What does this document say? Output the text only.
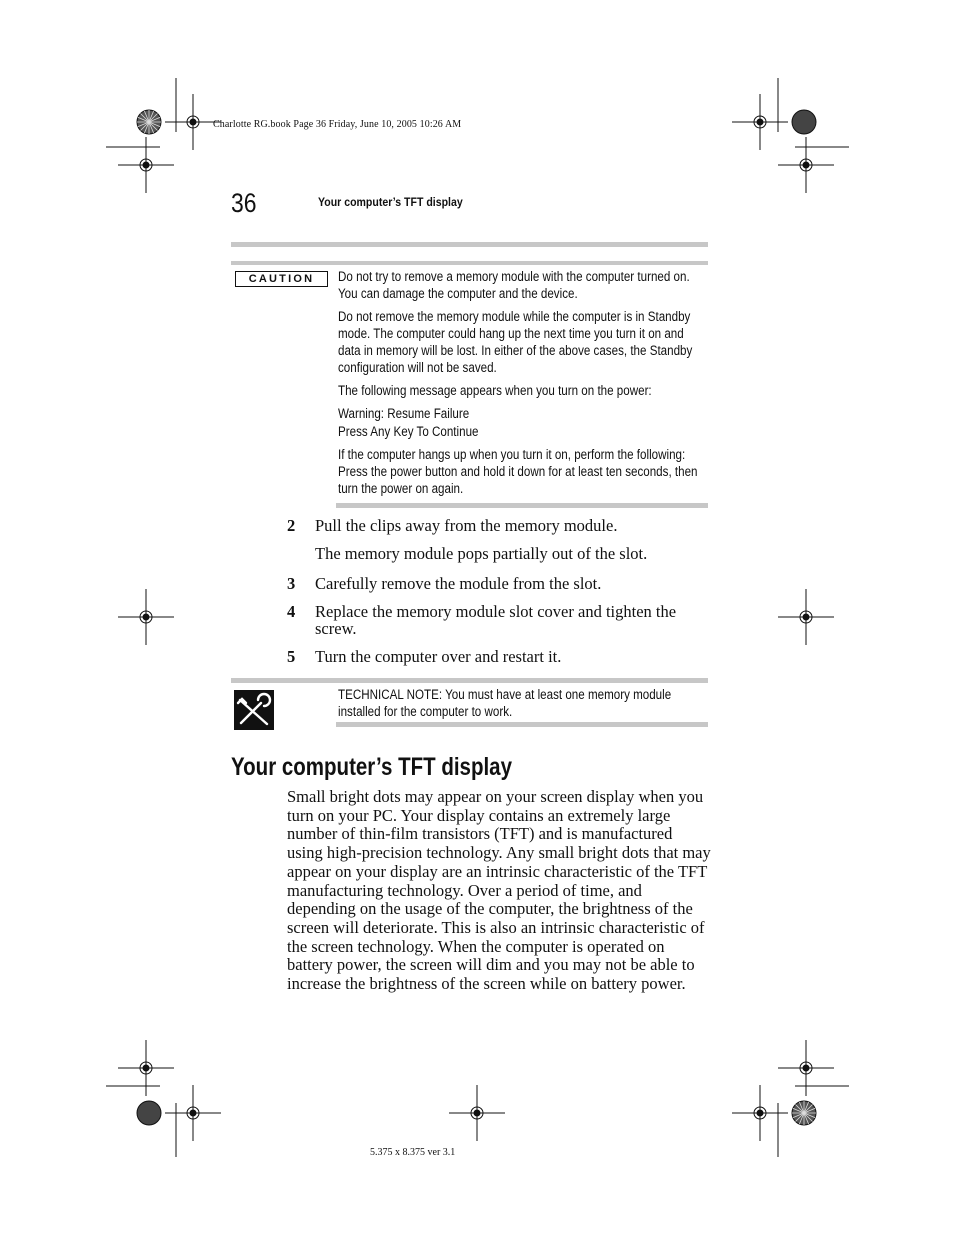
Charlotte RG.book Page 36 Friday, June 10, 2005 10:26 AM
36	Your computer’s TFT display
CAUTION	Do not try to remove a memory module with the computer turned on. You can damage the computer and the device.

Do not remove the memory module while the computer is in Standby mode. The computer could hang up the next time you turn it on and data in memory will be lost. In either of the above cases, the Standby configuration will not be saved.

The following message appears when you turn on the power:

Warning: Resume Failure

Press Any Key To Continue

If the computer hangs up when you turn it on, perform the following: Press the power button and hold it down for at least ten seconds, then turn the power on again.

2 Pull the clips away from the memory module.
The memory module pops partially out of the slot.
3 Carefully remove the module from the slot.
4 Replace the memory module slot cover and tighten the screw.
5 Turn the computer over and restart it.
TECHNICAL NOTE: You must have at least one memory module installed for the computer to work.
Your computer’s TFT display
Small bright dots may appear on your screen display when you turn on your PC. Your display contains an extremely large number of thin-film transistors (TFT) and is manufactured using high-precision technology. Any small bright dots that may appear on your display are an intrinsic characteristic of the TFT manufacturing technology. Over a period of time, and depending on the usage of the computer, the brightness of the screen will deteriorate. This is also an intrinsic characteristic of the screen technology. When the computer is operated on battery power, the screen will dim and you may not be able to increase the brightness of the screen while on battery power.
5.375 x 8.375 ver 3.1
